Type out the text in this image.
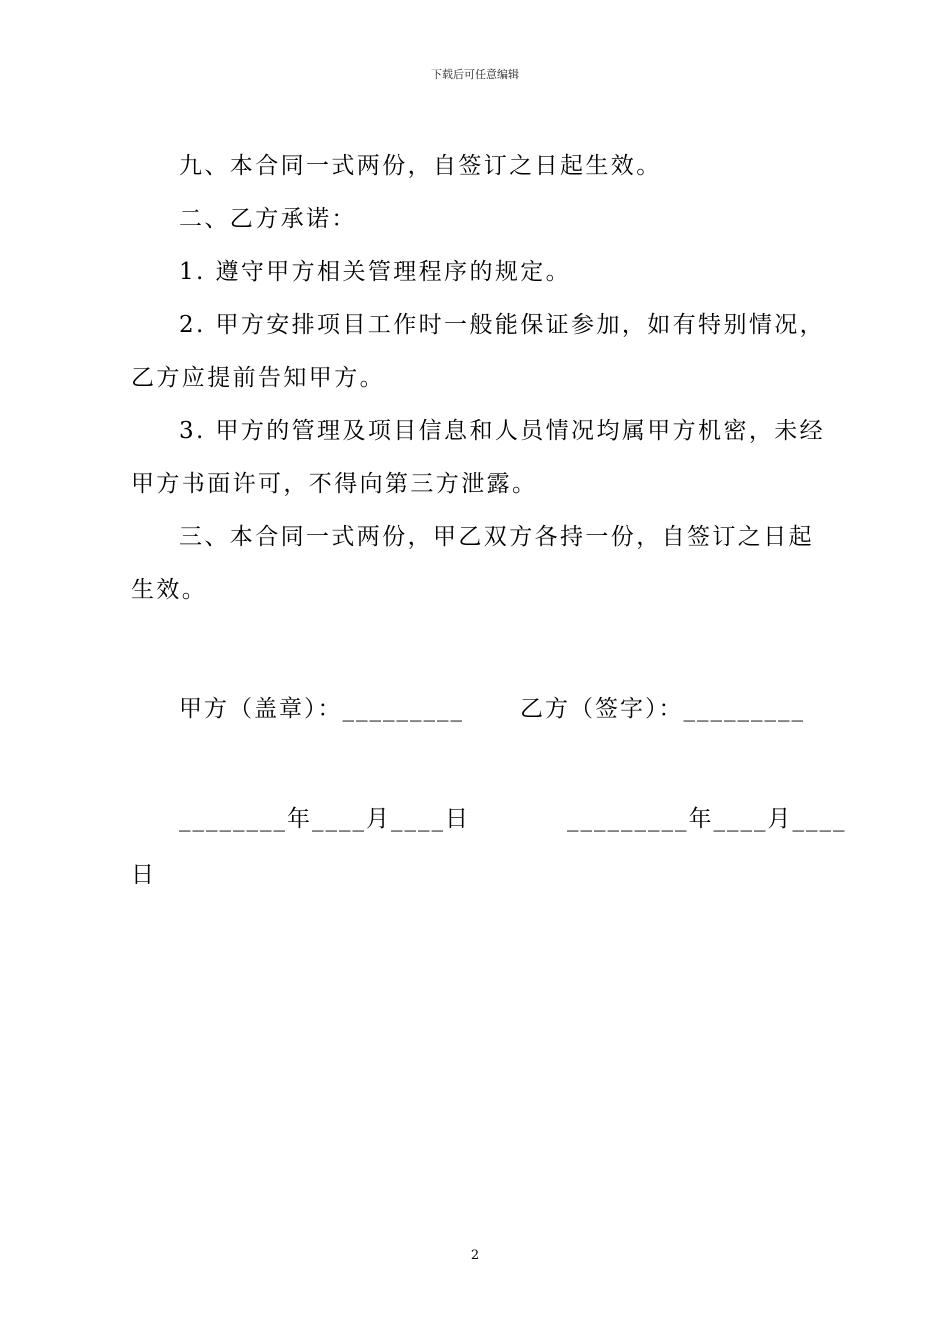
下载后可任意编辑

九、本合同一式两份，自签订之日起生效。

二、乙方承诺：

1. 遵守甲方相关管理程序的规定。

2. 甲方安排项目工作时一般能保证参加，如有特别情况，乙方应提前告知甲方。

3. 甲方的管理及项目信息和人员情况均属甲方机密，未经甲方书面许可，不得向第三方泄露。

三、本合同一式两份，甲乙双方各持一份，自签订之日起生效。

甲方（盖章）：_________ 乙方（签字）：_________
________年____月____日	_________年____月____
日
2
